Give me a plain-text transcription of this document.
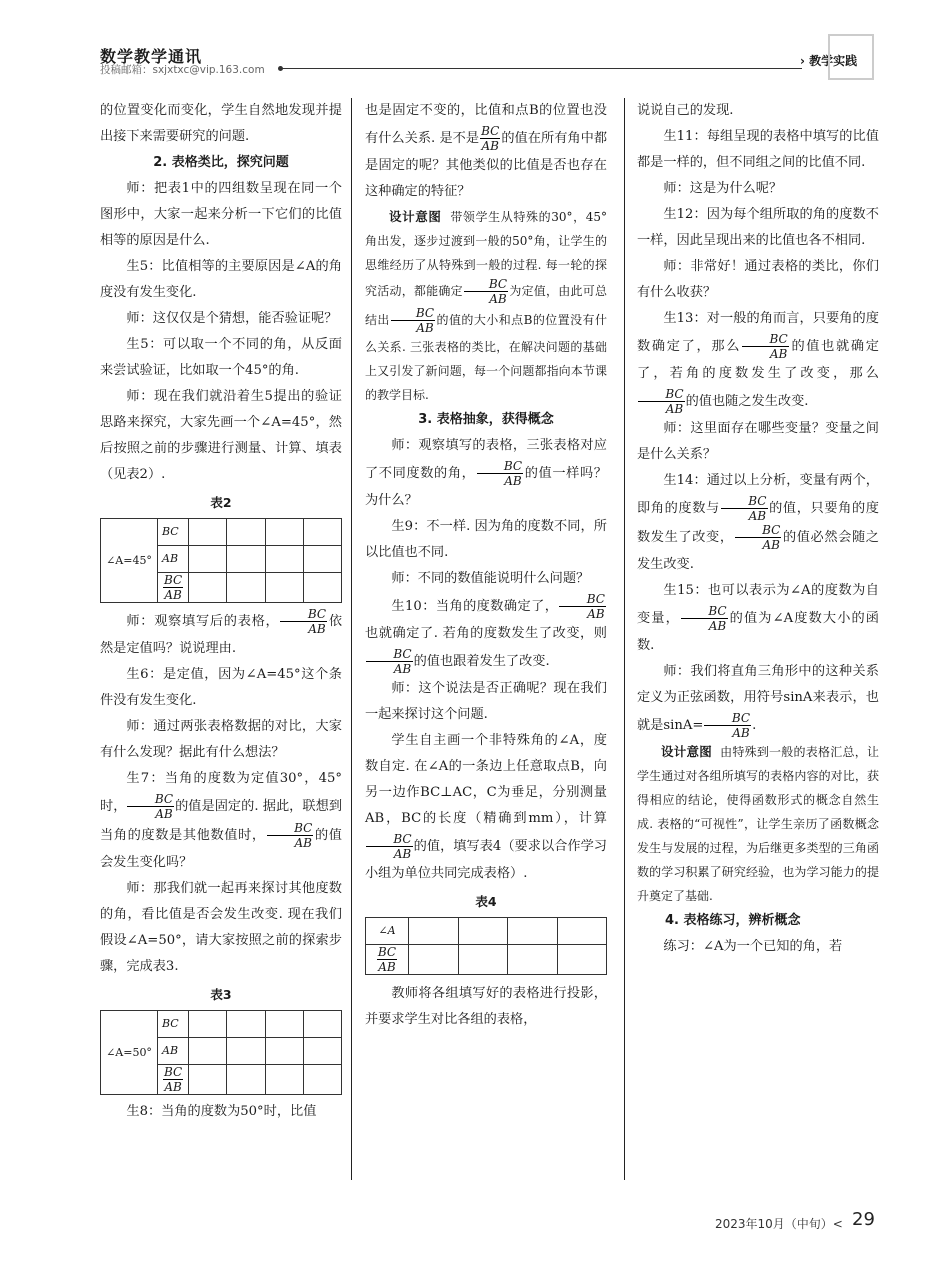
数学教学通讯
投稿邮箱：sxjxtxc@vip.163.com
› 教学实践

的位置变化而变化，学生自然地发现并提出接下来需要研究的问题.

2. 表格类比，探究问题

师：把表1中的四组数呈现在同一个图形中，大家一起来分析一下它们的比值相等的原因是什么.

生5：比值相等的主要原因是∠A的角度没有发生变化.

师：这仅仅是个猜想，能否验证呢？

生5：可以取一个不同的角，从反面来尝试验证，比如取一个45°的角.

师：现在我们就沿着生5提出的验证思路来探究，大家先画一个∠A=45°，然后按照之前的步骤进行测量、计算、填表（见表2）.

表2
∠A=45°	BC				
	AB				

	$\frac{BC}{AB}$

师：观察填写后的表格， $\frac{BC}{AB}$ 依然是定值吗？说说理由.

生6：是定值，因为∠A=45°这个条件没有发生变化.

师：通过两张表格数据的对比，大家有什么发现？据此有什么想法？

生7：当角的度数为定值30°，45°时， $\frac{BC}{AB}$ 的值是固定的. 据此，联想到当角的度数是其他数值时， $\frac{BC}{AB}$ 的值会发生变化吗？

师：那我们就一起再来探讨其他度数的角，看比值是否会发生改变. 现在我们假设∠A=50°，请大家按照之前的探索步骤，完成表3.

表3
∠A=50°	BC				
	AB				

	$\frac{BC}{AB}$

生8：当角的度数为50°时，比值

也是固定不变的，比值和点B的位置也没有什么关系. 是不是 $\frac{BC}{AB}$ 的值在所有角中都是固定的呢？其他类似的比值是否也存在这种确定的特征？

设计意图 带领学生从特殊的30°，45°角出发，逐步过渡到一般的50°角，让学生的思维经历了从特殊到一般的过程. 每一轮的探究活动，都能确定 $\frac{BC}{AB}$ 为定值，由此可总结出 $\frac{BC}{AB}$ 的值的大小和点B的位置没有什么关系. 三张表格的类比，在解决问题的基础上又引发了新问题，每一个问题都指向本节课的教学目标.

3. 表格抽象，获得概念

师：观察填写的表格，三张表格对应了不同度数的角， $\frac{BC}{AB}$ 的值一样吗？为什么？

生9：不一样. 因为角的度数不同，所以比值也不同.

师：不同的数值能说明什么问题？

生10：当角的度数确定了， $\frac{BC}{AB}$
也就确定了. 若角的度数发生了改变，则
$\frac{BC}{AB}$ 的值也跟着发生了改变.

师：这个说法是否正确呢？现在我们一起来探讨这个问题.

学生自主画一个非特殊角的∠A，度数自定. 在∠A的一条边上任意取点B，向另一边作BC⊥AC，C为垂足，分别测量AB，BC的长度（精确到mm），计算
$\frac{BC}{AB}$ 的值，填写表4（要求以合作学习小组为单位共同完成表格）.

表4
∠A				

$\frac{BC}{AB}$

教师将各组填写好的表格进行投影，并要求学生对比各组的表格，

说说自己的发现.

生11：每组呈现的表格中填写的比值都是一样的，但不同组之间的比值不同.

师：这是为什么呢？

生12：因为每个组所取的角的度数不一样，因此呈现出来的比值也各不相同.

师：非常好！通过表格的类比，你们有什么收获？

生13：对一般的角而言，只要角的度数确定了，那么 $\frac{BC}{AB}$ 的值也就确定了，若角的度数发生了改变，那么
$\frac{BC}{AB}$ 的值也随之发生改变.

师：这里面存在哪些变量？变量之间是什么关系？

生14：通过以上分析，变量有两个，即角的度数与 $\frac{BC}{AB}$ 的值，只要角的度数发生了改变， $\frac{BC}{AB}$ 的值必然会随之发生改变.

生15：也可以表示为∠A的度数为自变量， $\frac{BC}{AB}$ 的值为∠A度数大小的函数.

师：我们将直角三角形中的这种关系定义为正弦函数，用符号sinA来表示，也就是$\sin A= \frac{BC}{AB}$ .

设计意图 由特殊到一般的表格汇总，让学生通过对各组所填写的表格内容的对比，获得相应的结论，使得函数形式的概念自然生成. 表格的“可视性”，让学生亲历了函数概念发生与发展的过程，为后继更多类型的三角函数的学习积累了研究经验，也为学习能力的提升奠定了基础.

4. 表格练习，辨析概念

练习：∠A为一个已知的角，若

2023年10月（中旬）< 29
